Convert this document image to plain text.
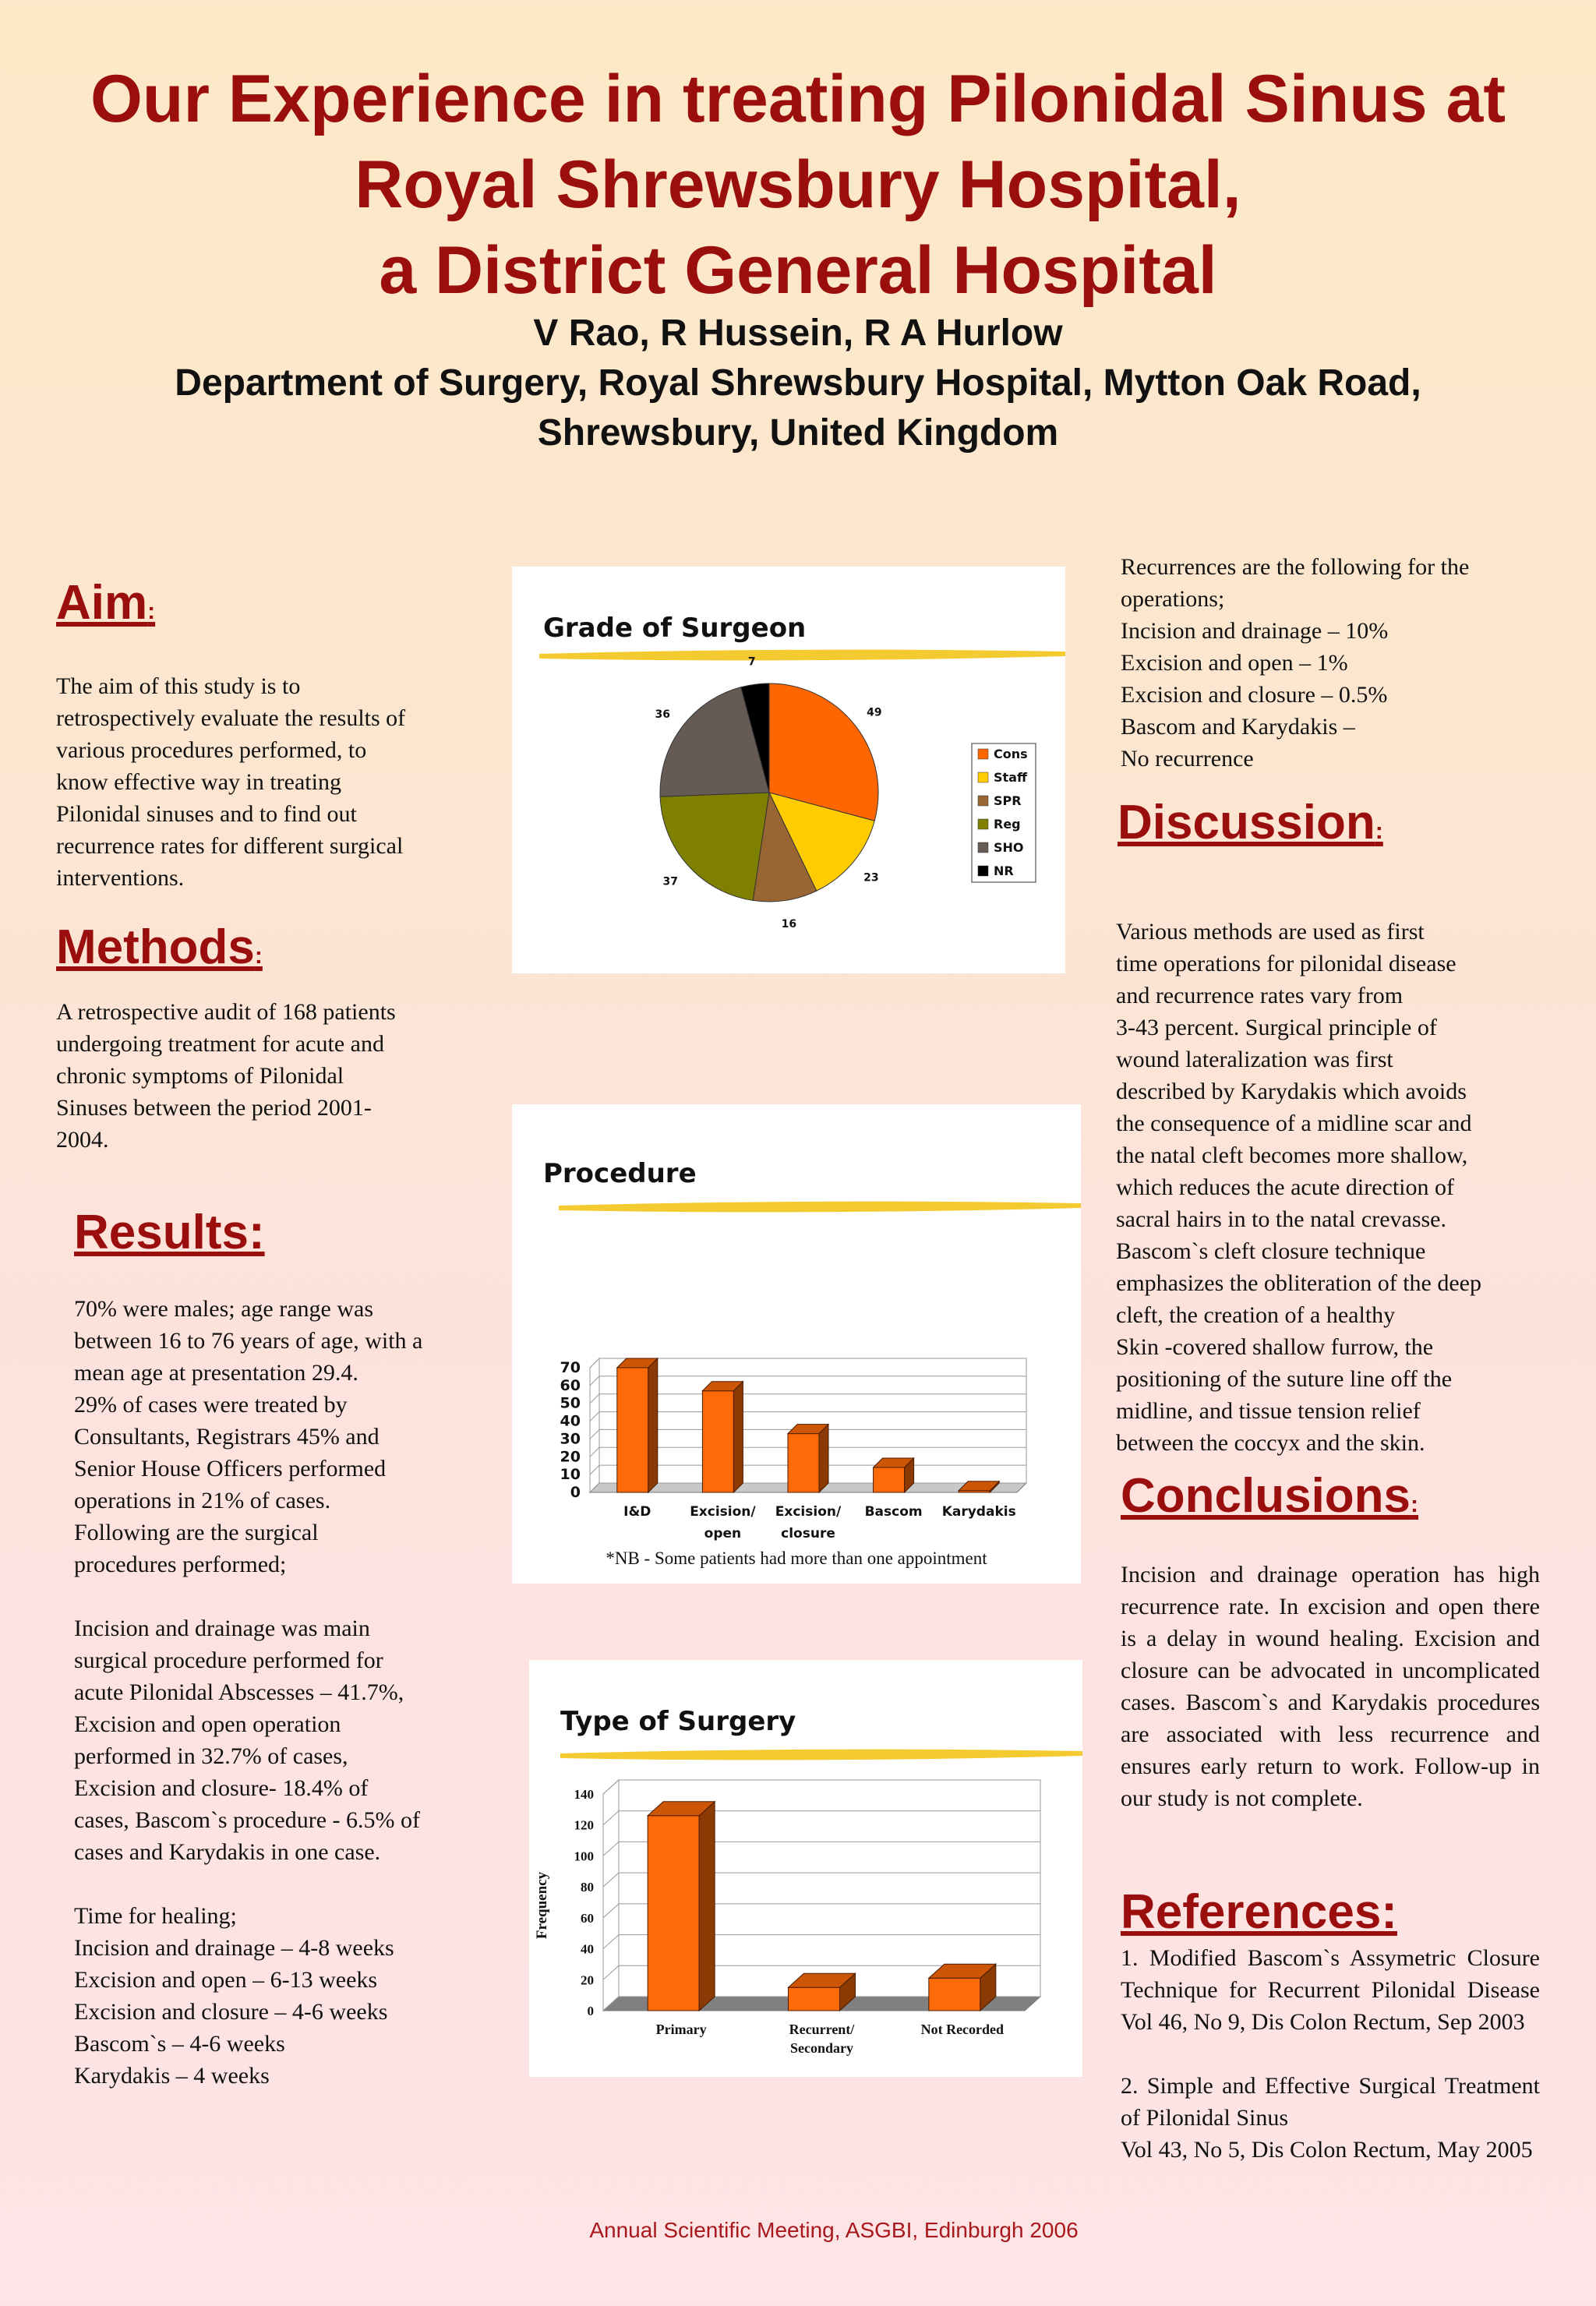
Our Experience in treating Pilonidal Sinus at
Royal Shrewsbury Hospital,
a District General Hospital
V Rao, R Hussein, R A Hurlow
Department of Surgery, Royal Shrewsbury Hospital, Mytton Oak Road,
Shrewsbury, United Kingdom
Aim:
The aim of this study is to
retrospectively evaluate the results of
various procedures performed, to
know effective way in treating
Pilonidal sinuses and to find out
recurrence rates for different surgical
interventions.
Methods:
A retrospective audit of 168 patients
undergoing treatment for acute and
chronic symptoms of Pilonidal
Sinuses between the period 2001-
2004.
Results:
70% were males; age range was
between 16 to 76 years of age, with a
mean age at presentation 29.4.
29% of cases were treated by
Consultants, Registrars 45% and
Senior House Officers performed
operations in 21% of cases.
Following are the surgical
procedures performed;

Incision and drainage was main
surgical procedure performed for
acute Pilonidal Abscesses – 41.7%,
Excision and open operation
performed in 32.7% of cases,
Excision and closure- 18.4% of
cases, Bascom`s procedure - 6.5% of
cases and Karydakis in one case.

Time for healing;
Incision and drainage – 4-8 weeks
Excision and open – 6-13 weeks
Excision and closure – 4-6 weeks
Bascom`s – 4-6 weeks
Karydakis – 4 weeks
Grade of Surgeon
49
23
16
37
36
7
Cons
Staff
SPR
Reg
SHO
NR
Procedure
0
10
20
30
40
50
60
70
I&D	Excision/
open
Excision/
closure
Bascom Karydakis
*NB - Some patients had more than one appointment
Type of Surgery
0
20
40
60
80
100
120
140
Primary	Recurrent/
Secondary
Not Recorded
Frequency
Recurrences are the following for the
operations;
Incision and drainage – 10%
Excision and open – 1%
Excision and closure – 0.5%
Bascom and Karydakis –
No recurrence
Discussion:
Various methods are used as first
time operations for pilonidal disease
and recurrence rates vary from
3-43 percent. Surgical principle of
wound lateralization was first
described by Karydakis which avoids
the consequence of a midline scar and
the natal cleft becomes more shallow,
which reduces the acute direction of
sacral hairs in to the natal crevasse.
Bascom`s cleft closure technique
emphasizes the obliteration of the deep
cleft, the creation of a healthy
Skin -covered shallow furrow, the
positioning of the suture line off the
midline, and tissue tension relief
between the coccyx and the skin.
Conclusions:
Incision and drainage operation has high recurrence rate. In excision and open there is a delay in wound healing. Excision and closure can be advocated in uncomplicated cases. Bascom`s and Karydakis procedures are associated with less recurrence and ensures early return to work. Follow-up in our study is not complete.
References:
1. Modified Bascom`s Assymetric Closure Technique for Recurrent Pilonidal Disease Vol 46, No 9, Dis Colon Rectum, Sep 2003
2. Simple and Effective Surgical Treatment of Pilonidal Sinus
Vol 43, No 5, Dis Colon Rectum, May 2005
Annual Scientific Meeting, ASGBI, Edinburgh 2006
